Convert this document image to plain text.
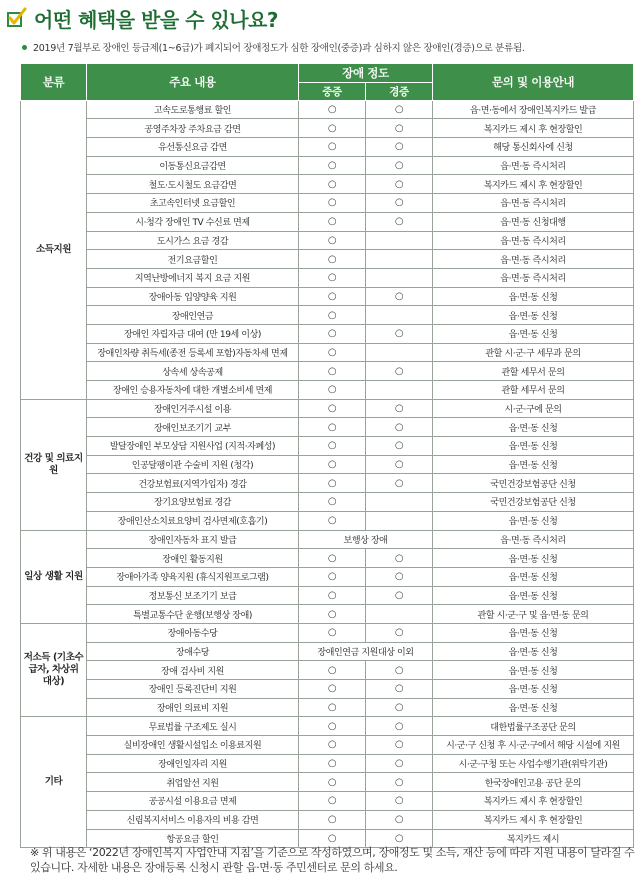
어떤 혜택을 받을 수 있나요?
2019년 7월부로 장애인 등급제(1~6급)가 폐지되어 장애정도가 심한 장애인(중증)과 심하지 않은 장애인(경증)으로 분류됨.
분류	주요 내용	장애 정도		문의 및 이용안내
		중증	경증	
소득지원	고속도로통행료 할인	○	○	읍·면·동에서 장애인복지카드 발급
	공영주차장 주차요금 감면	○	○	복지카드 제시 후 현장할인
	유선통신요금 감면	○	○	해당 통신회사에 신청
	이동통신요금감면	○	○	읍·면·동 즉시처리
	철도·도시철도 요금감면	○	○	복지카드 제시 후 현장할인
	초고속인터넷 요금할인	○	○	읍·면·동 즉시처리
	시·청각 장애인 TV 수신료 면제	○	○	읍·면·동 신청대행
	도시가스 요금 경감	○		읍·면·동 즉시처리
	전기요금할인	○		읍·면·동 즉시처리
	지역난방에너지 복지 요금 지원	○		읍·면·동 즉시처리
	장애아동 입양양육 지원	○	○	읍·면·동 신청
	장애인연금	○		읍·면·동 신청
	장애인 자립자금 대여 (만 19세 이상)	○	○	읍·면·동 신청
	장애인차량 취득세(종전 등록세 포함)자동차세 면제	○		관할 시·군·구 세무과 문의
	상속세 상속공제	○	○	관할 세무서 문의
	장애인 승용자동차에 대한 개별소비세 면제	○		관할 세무서 문의
건강 및 의료지원	장애인거주시설 이용	○	○	시·군·구에 문의
	장애인보조기기 교부	○	○	읍·면·동 신청
	발달장애인 부모상담 지원사업 (지적·자폐성)	○	○	읍·면·동 신청
	인공달팽이관 수술비 지원 (청각)	○	○	읍·면·동 신청
	건강보험료(지역가입자) 경감	○	○	국민건강보험공단 신청
	장기요양보험료 경감	○		국민건강보험공단 신청
	장애인산소치료요양비 검사면제(호흡기)	○		읍·면·동 신청
일상 생활 지원	장애인자동차 표지 발급	보행상 장애		읍·면·동 즉시처리
	장애인 활동지원	○	○	읍·면·동 신청
	장애아가족 양육지원 (휴식지원프로그램)	○	○	읍·면·동 신청
	정보통신 보조기기 보급	○	○	읍·면·동 신청
	특별교통수단 운행(보행상 장애)	○		관할 시·군·구 및 읍·면·동 문의
저소득 (기초수급자, 차상위 대상)	장애아동수당	○	○	읍·면·동 신청
	장애수당	장애인연금 지원대상 이외		읍·면·동 신청
	장애 검사비 지원	○	○	읍·면·동 신청
	장애인 등록진단비 지원	○	○	읍·면·동 신청
	장애인 의료비 지원	○	○	읍·면·동 신청
기타	무료법률 구조제도 실시	○	○	대한법률구조공단 문의
	실비장애인 생활시설입소 이용료지원	○	○	시·군·구 신청 후 시·군·구에서 해당 시설에 지원
	장애인일자리 지원	○	○	시·군·구청 또는 사업수행기관(위탁기관)
	취업알선 지원	○	○	한국장애인고용 공단 문의
	공공시설 이용요금 면제	○	○	복지카드 제시 후 현장할인
	신림복지서비스 이용자의 비용 감면	○	○	복지카드 제시 후 현장할인
	항공요금 할인	○	○	복지카드 제시
※ 위 내용은 ‘2022년 장애인복지 사업안내 지침’을 기준으로 작성하였으며, 장애정도 및 소득, 재산 등에 따라 지원 내용이 달라질 수 있습니다. 자세한 내용은 장애등록 신청시 관할 읍·면·동 주민센터로 문의 하세요.
